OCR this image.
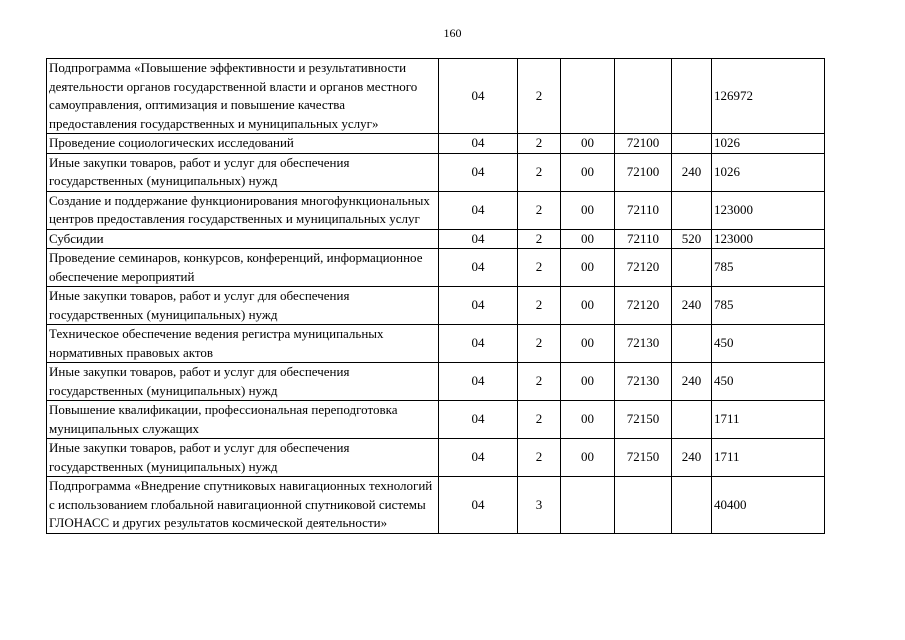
160
Подпрограмма «Повышение эффективности и результативности деятельности органов государственной власти и органов местного самоуправления, оптимизация и повышение качества предоставления государственных и муниципальных услуг»	04	2				126972
Проведение социологических исследований	04	2	00	72100		1026
Иные закупки товаров, работ и услуг для обеспечения государственных (муниципальных) нужд	04	2	00	72100	240	1026
Создание и поддержание функционирования многофункциональных центров предоставления государственных и муниципальных услуг	04	2	00	72110		123000
Субсидии	04	2	00	72110	520	123000
Проведение семинаров, конкурсов, конференций, информационное обеспечение мероприятий	04	2	00	72120		785
Иные закупки товаров, работ и услуг для обеспечения государственных (муниципальных) нужд	04	2	00	72120	240	785
Техническое обеспечение ведения регистра муниципальных нормативных правовых актов	04	2	00	72130		450
Иные закупки товаров, работ и услуг для обеспечения государственных (муниципальных) нужд	04	2	00	72130	240	450
Повышение квалификации, профессиональная переподготовка муниципальных служащих	04	2	00	72150		1711
Иные закупки товаров, работ и услуг для обеспечения государственных (муниципальных) нужд	04	2	00	72150	240	1711
Подпрограмма «Внедрение спутниковых навигационных технологий с использованием глобальной навигационной спутниковой системы ГЛОНАСС и других результатов космической деятельности»	04	3				40400
